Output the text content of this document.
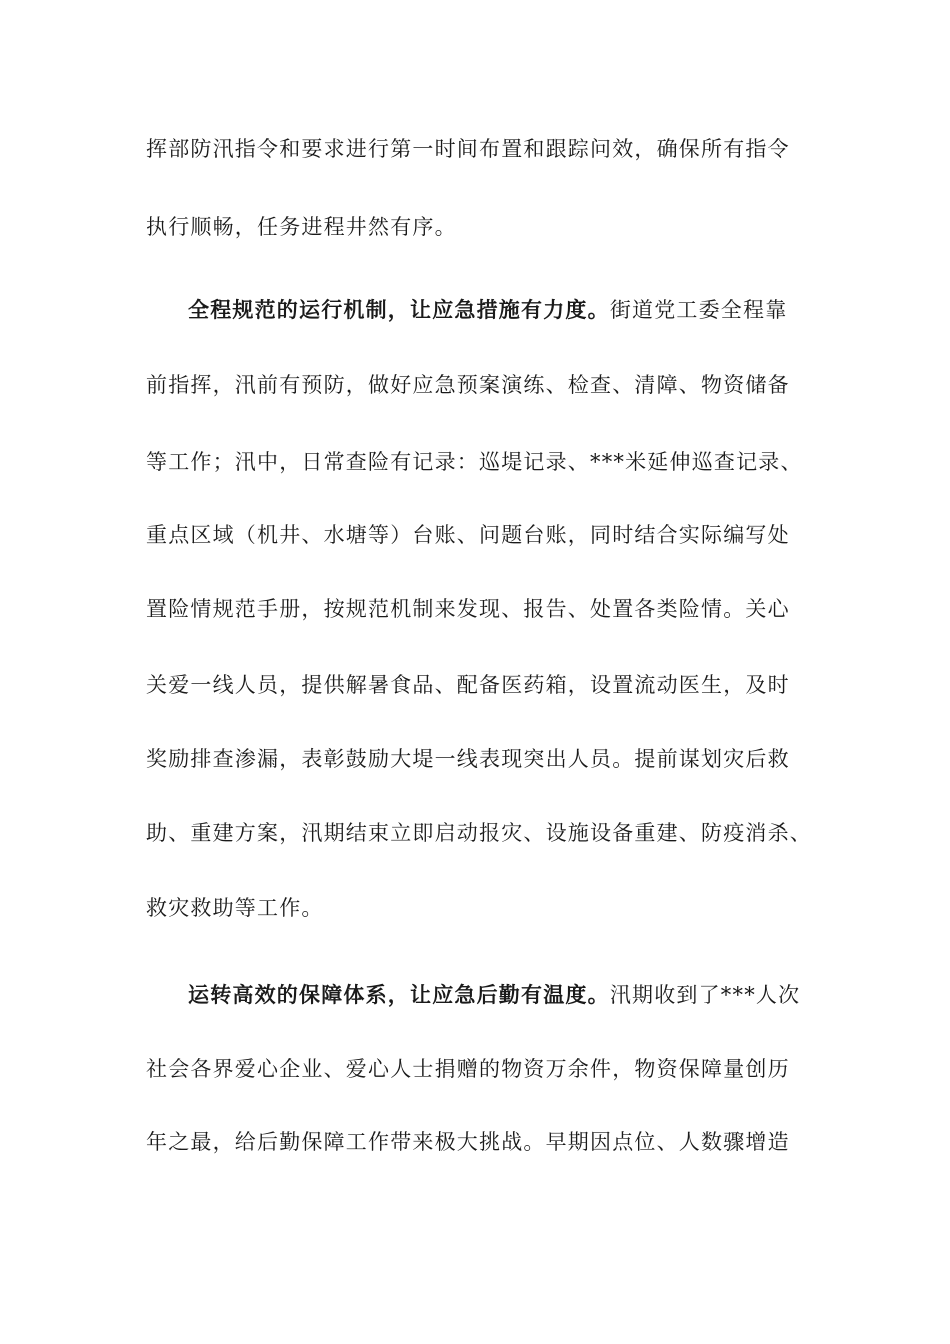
挥部防汛指令和要求进行第一时间布置和跟踪问效，确保所有指令
执行顺畅，任务进程井然有序。
全程规范的运行机制，让应急措施有力度。街道党工委全程靠
前指挥，汛前有预防，做好应急预案演练、检查、清障、物资储备
等工作；汛中，日常查险有记录：巡堤记录、***米延伸巡查记录、
重点区域（机井、水塘等）台账、问题台账，同时结合实际编写处
置险情规范手册，按规范机制来发现、报告、处置各类险情。关心
关爱一线人员，提供解暑食品、配备医药箱，设置流动医生，及时
奖励排查渗漏，表彰鼓励大堤一线表现突出人员。提前谋划灾后救
助、重建方案，汛期结束立即启动报灾、设施设备重建、防疫消杀、
救灾救助等工作。
运转高效的保障体系，让应急后勤有温度。汛期收到了***人次
社会各界爱心企业、爱心人士捐赠的物资万余件，物资保障量创历
年之最，给后勤保障工作带来极大挑战。早期因点位、人数骤增造
